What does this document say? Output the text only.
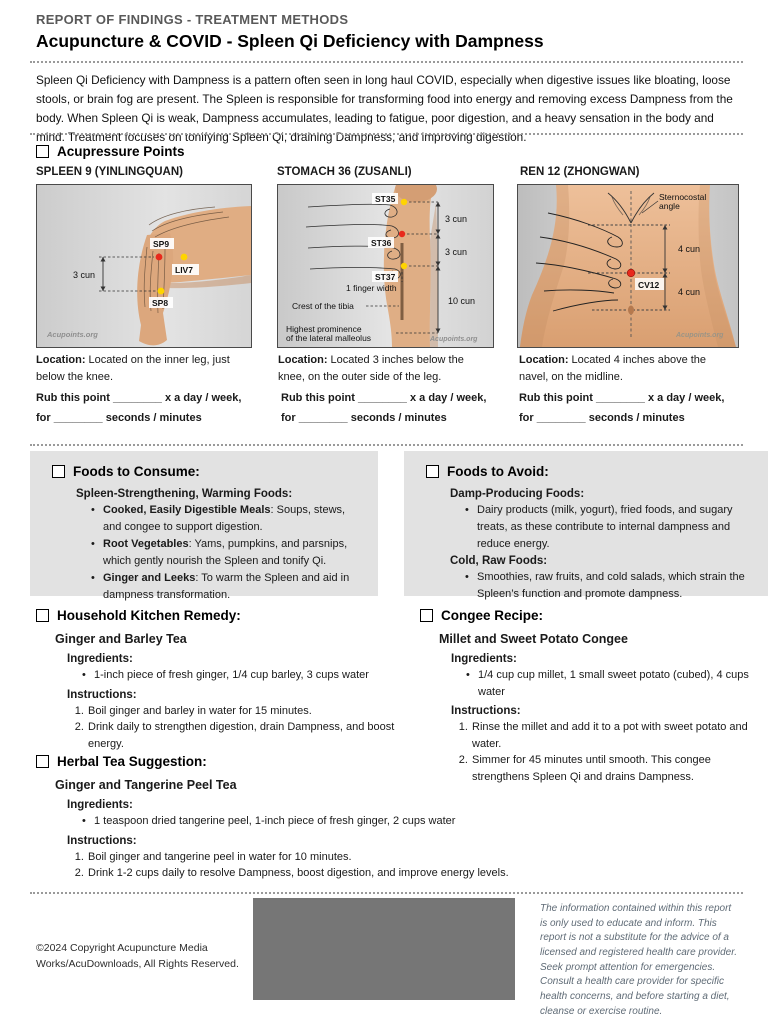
REPORT OF FINDINGS - TREATMENT METHODS
Acupuncture & COVID - Spleen Qi Deficiency with Dampness
Spleen Qi Deficiency with Dampness is a pattern often seen in long haul COVID, especially when digestive issues like bloating, loose stools, or brain fog are present. The Spleen is responsible for transforming food into energy and removing excess Dampness from the body. When Spleen Qi is weak, Dampness accumulates, leading to fatigue, poor digestion, and a heavy sensation in the body and mind. Treatment focuses on tonifying Spleen Qi, draining Dampness, and improving digestion.
Acupressure Points
SPLEEN 9 (YINLINGQUAN)	STOMACH 36 (ZUSANLI)	REN 12 (ZHONGWAN)
3 cun
SP9
LIV7
SP8
Acupoints.org
ST35
ST36
ST37
1 finger width
3 cun
3 cun
10 cun
Crest of the tibia
Highest prominence
of the lateral malleolus	Acupoints.org
CV12
Sternocostal
angle
4 cun
4 cun
Acupoints.org
Location: Located on the inner leg, just below the knee.
Location: Located 3 inches below the knee, on the outer side of the leg.
Location: Located 4 inches above the navel, on the midline.
Rub this point ________ x a day / week,
for ________ seconds / minutes
Rub this point ________ x a day / week,
for ________ seconds / minutes
Rub this point ________ x a day / week,
for ________ seconds / minutes
Foods to Consume:
Spleen-Strengthening, Warming Foods:
• Cooked, Easily Digestible Meals: Soups, stews, and congee to support digestion.
• Root Vegetables: Yams, pumpkins, and parsnips, which gently nourish the Spleen and tonify Qi.
• Ginger and Leeks: To warm the Spleen and aid in dampness transformation.
Foods to Avoid:
Damp-Producing Foods:
• Dairy products (milk, yogurt), fried foods, and sugary treats, as these contribute to internal dampness and reduce energy.
Cold, Raw Foods:
• Smoothies, raw fruits, and cold salads, which strain the Spleen’s function and promote dampness.
Household Kitchen Remedy:
Ginger and Barley Tea
Ingredients:
• 1-inch piece of fresh ginger, 1/4 cup barley, 3 cups water
Instructions:
1. Boil ginger and barley in water for 15 minutes.
2. Drink daily to strengthen digestion, drain Dampness, and boost energy.
Congee Recipe:
Millet and Sweet Potato Congee
Ingredients:
• 1/4 cup cup millet, 1 small sweet potato (cubed), 4 cups water
Instructions:
1. Rinse the millet and add it to a pot with sweet potato and water.
2. Simmer for 45 minutes until smooth. This congee strengthens Spleen Qi and drains Dampness.
Herbal Tea Suggestion:
Ginger and Tangerine Peel Tea
Ingredients:
• 1 teaspoon dried tangerine peel, 1-inch piece of fresh ginger, 2 cups water
Instructions:
1. Boil ginger and tangerine peel in water for 10 minutes.
2. Drink 1-2 cups daily to resolve Dampness, boost digestion, and improve energy levels.
©2024 Copyright Acupuncture Media Works/AcuDownloads, All Rights Reserved.
The information contained within this report is only used to educate and inform. This report is not a substitute for the advice of a licensed and registered health care provider. Seek prompt attention for emergencies. Consult a health care provider for specific health concerns, and before starting a diet, cleanse or exercise routine.
